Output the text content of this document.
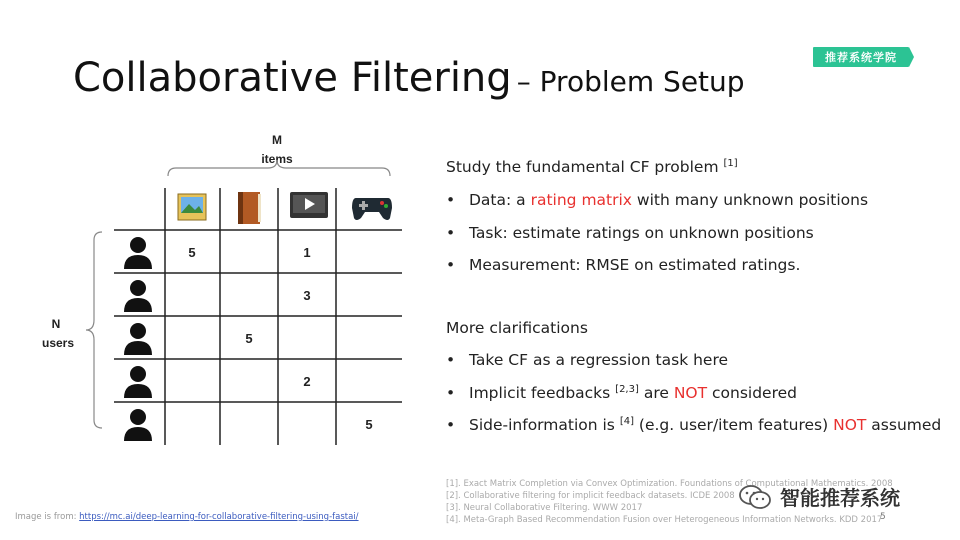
Collaborative Filtering – Problem Setup
推荐系统学院
M
items
N
users
5	1
3
5
2
5
Study the fundamental CF problem [1]
• Data: a rating matrix with many unknown positions
• Task: estimate ratings on unknown positions
• Measurement: RMSE on estimated ratings.
More clarifications
• Take CF as a regression task here
• Implicit feedbacks [2,3] are NOT considered
• Side-information is [4] (e.g. user/item features) NOT assumed
[1]. Exact Matrix Completion via Convex Optimization. Foundations of Computational Mathematics. 2008
[2]. Collaborative filtering for implicit feedback datasets. ICDE 2008
[3]. Neural Collaborative Filtering. WWW 2017
[4]. Meta-Graph Based Recommendation Fusion over Heterogeneous Information Networks. KDD 2017
智能推荐系统
5
Image is from: https://mc.ai/deep-learning-for-collaborative-filtering-using-fastai/
